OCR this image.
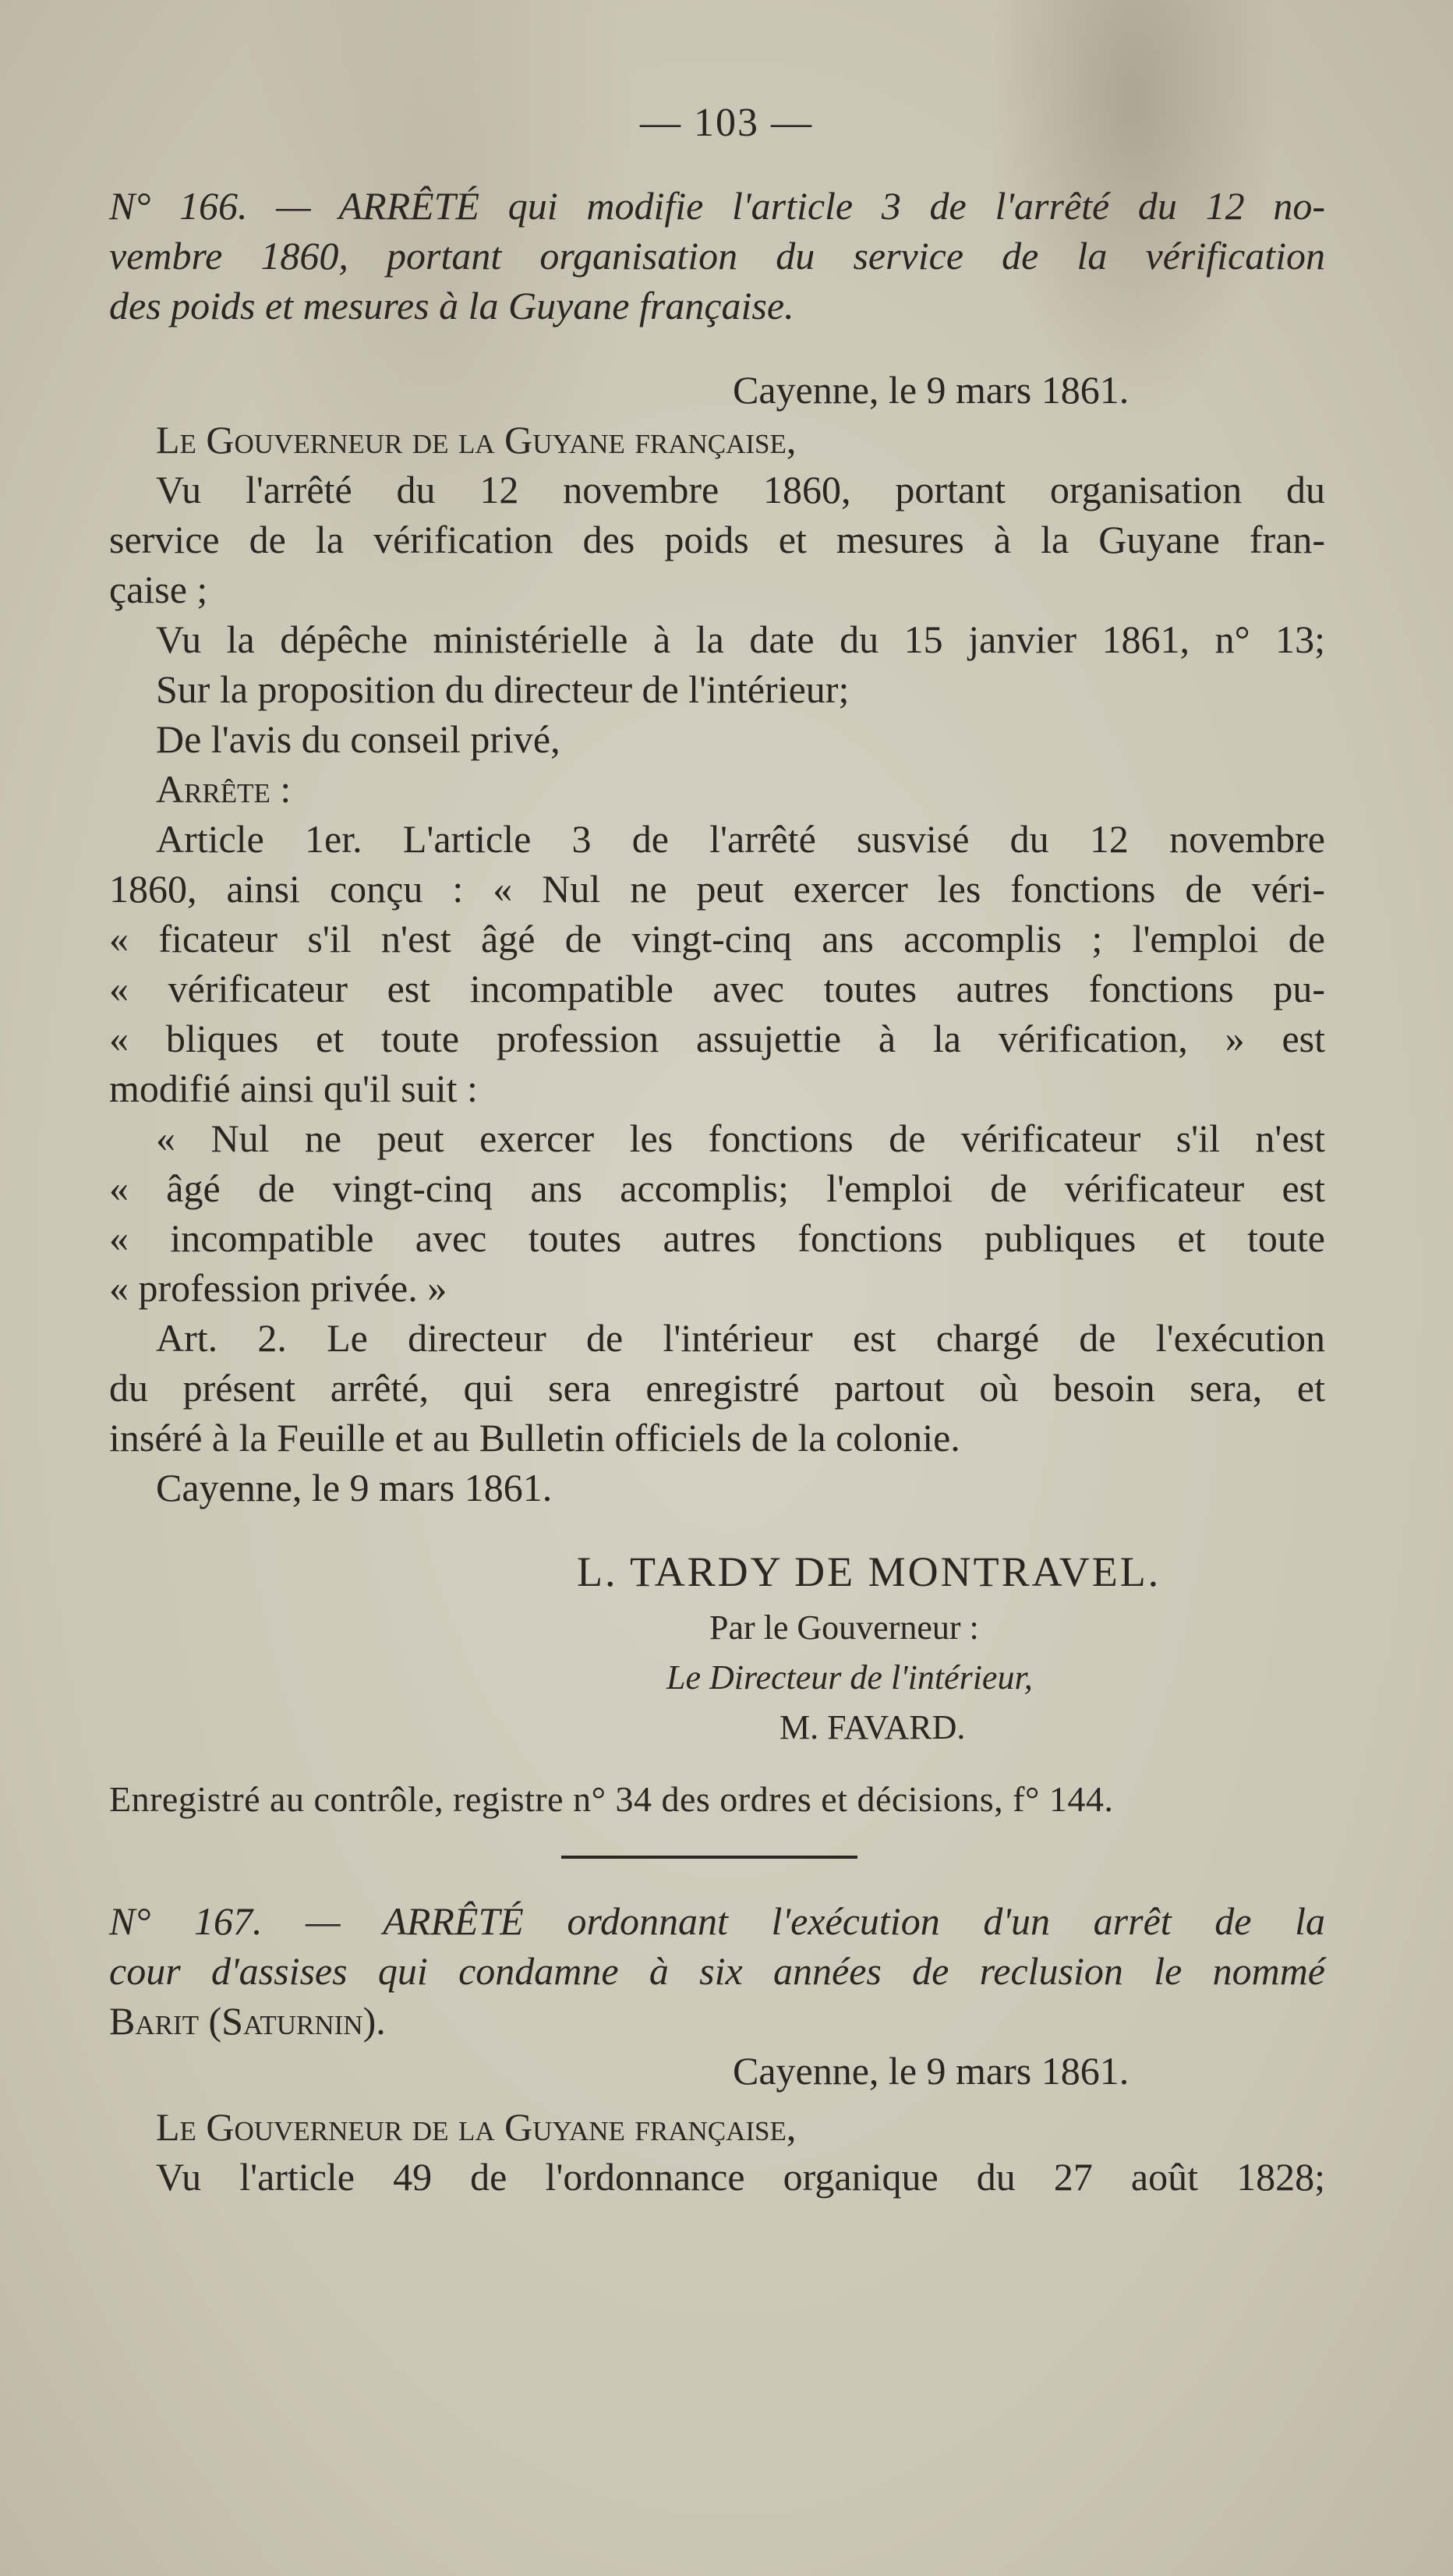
— 103 —
N° 166. — ARRÊTÉ qui modifie l'article 3 de l'arrêté du 12 no-
vembre 1860, portant organisation du service de la vérification
des poids et mesures à la Guyane française.
Cayenne, le 9 mars 1861.
Le Gouverneur de la Guyane française,
Vu l'arrêté du 12 novembre 1860, portant organisation du
service de la vérification des poids et mesures à la Guyane fran-
çaise ;
Vu la dépêche ministérielle à la date du 15 janvier 1861, n° 13;
Sur la proposition du directeur de l'intérieur;
De l'avis du conseil privé,
Arrête :
Article 1er. L'article 3 de l'arrêté susvisé du 12 novembre
1860, ainsi conçu : « Nul ne peut exercer les fonctions de véri-
« ficateur s'il n'est âgé de vingt-cinq ans accomplis ; l'emploi de
« vérificateur est incompatible avec toutes autres fonctions pu-
« bliques et toute profession assujettie à la vérification, » est
modifié ainsi qu'il suit :
« Nul ne peut exercer les fonctions de vérificateur s'il n'est
« âgé de vingt-cinq ans accomplis; l'emploi de vérificateur est
« incompatible avec toutes autres fonctions publiques et toute
« profession privée. »
Art. 2. Le directeur de l'intérieur est chargé de l'exécution
du présent arrêté, qui sera enregistré partout où besoin sera, et
inséré à la Feuille et au Bulletin officiels de la colonie.
Cayenne, le 9 mars 1861.
L. TARDY DE MONTRAVEL.
Par le Gouverneur :
Le Directeur de l'intérieur,
M. FAVARD.
Enregistré au contrôle, registre n° 34 des ordres et décisions, f° 144.
N° 167. — ARRÊTÉ ordonnant l'exécution d'un arrêt de la
cour d'assises qui condamne à six années de reclusion le nommé
Barit (Saturnin).
Cayenne, le 9 mars 1861.
Le Gouverneur de la Guyane française,
Vu l'article 49 de l'ordonnance organique du 27 août 1828;
